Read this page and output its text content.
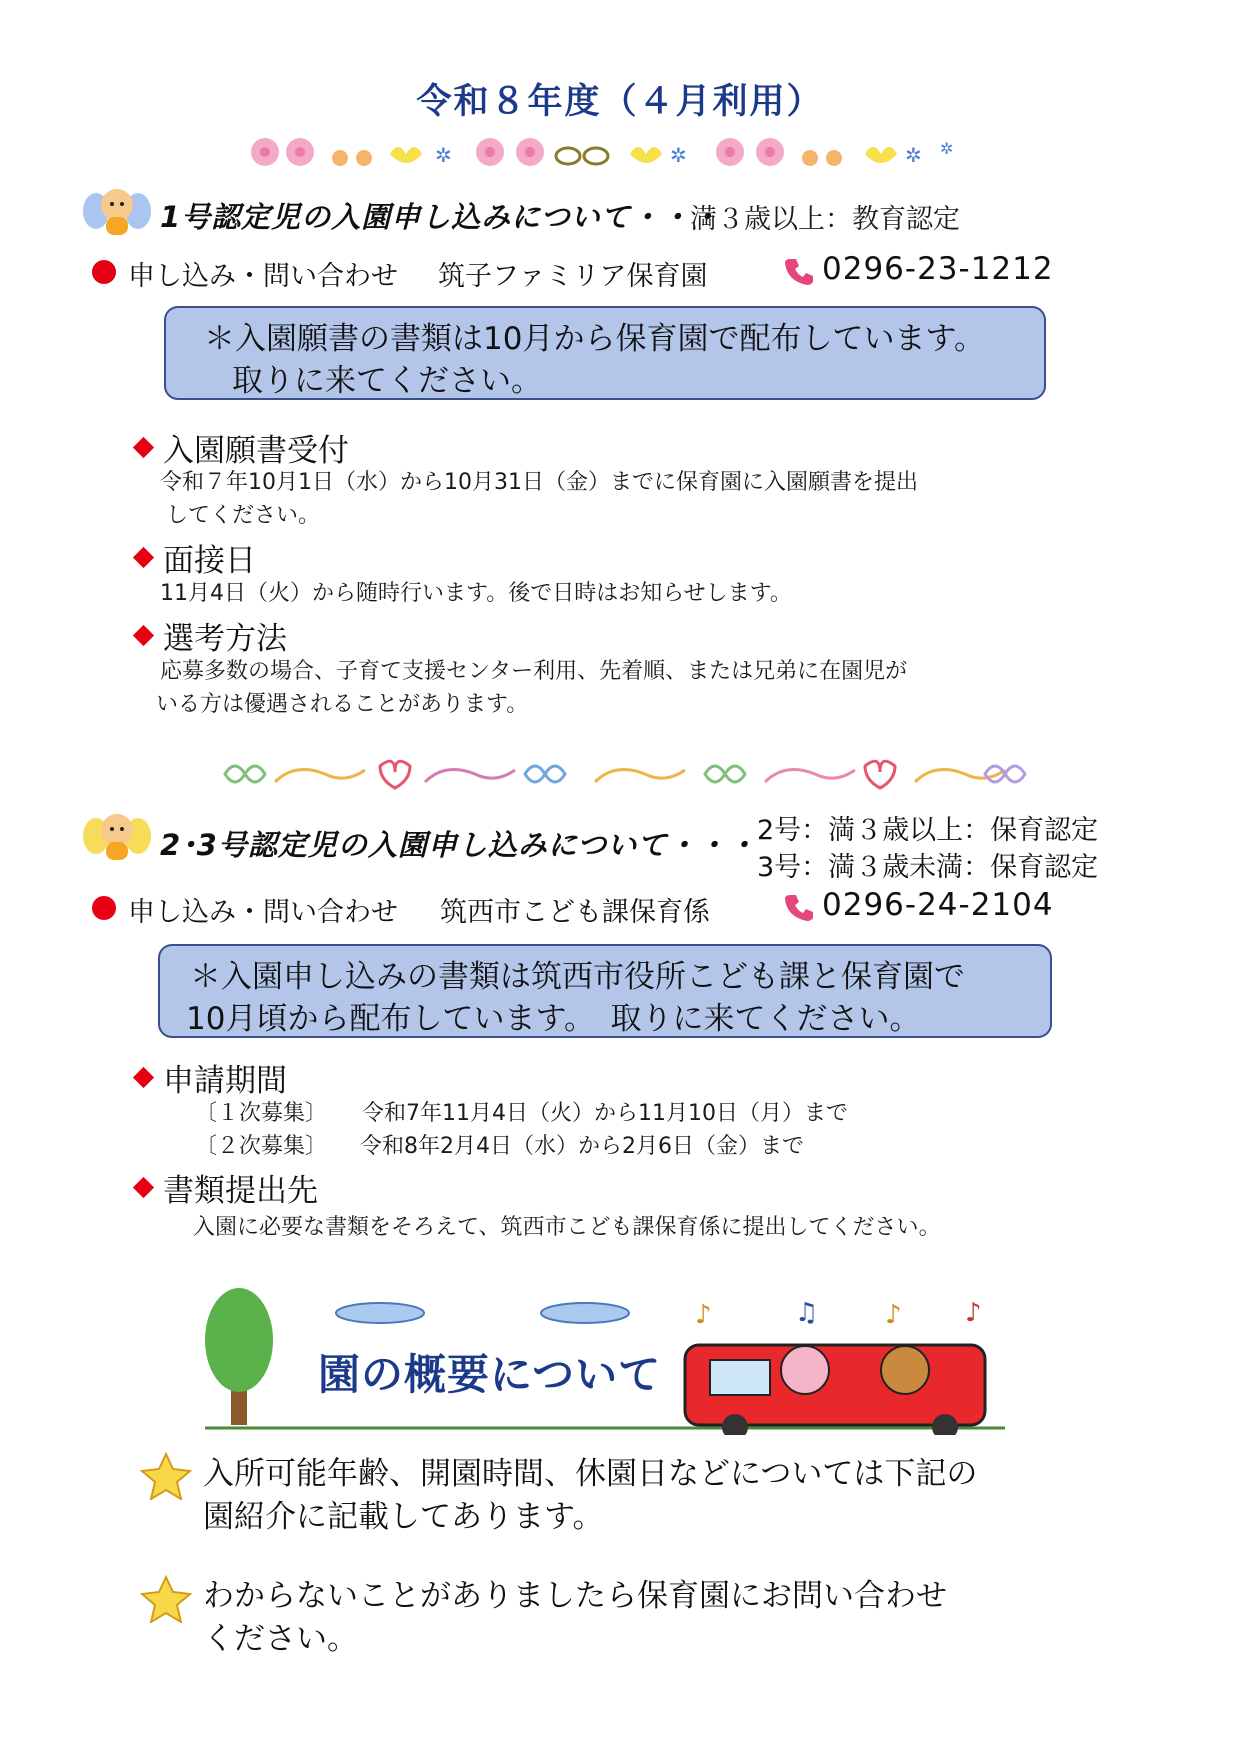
令和８年度（４月利用）
✲	✲	✲ ✲
1号認定児の入園申し込みについて・・・
満３歳以上：教育認定
申し込み・問い合わせ 筑子ファミリア保育園	0296-23-1212
＊入園願書の書類は10月から保育園で配布しています。
取りに来てください。
入園願書受付
令和７年10月1日（水）から10月31日（金）までに保育園に入園願書を提出
してください。
面接日
11月4日（火）から随時行います。後で日時はお知らせします。
選考方法
応募多数の場合、子育て支援センター利用、先着順、または兄弟に在園児が
いる方は優遇されることがあります。
2･3号認定児の入園申し込みについて・・・ 2号：満３歳以上：保育認定
3号：満３歳未満：保育認定
申し込み・問い合わせ 筑西市こども課保育係	0296-24-2104
＊入園申し込みの書類は筑西市役所こども課と保育園で
10月頃から配布しています。　取りに来てください。
申請期間
〔１次募集〕 令和7年11月4日（火）から11月10日（月）まで
〔２次募集〕 令和8年2月4日（水）から2月6日（金）まで
書類提出先
入園に必要な書類をそろえて、筑西市こども課保育係に提出してください。
♪	♫	♪ ♪
園の概要について
入所可能年齢、開園時間、休園日などについては下記の
園紹介に記載してあります。
わからないことがありましたら保育園にお問い合わせ
ください。
